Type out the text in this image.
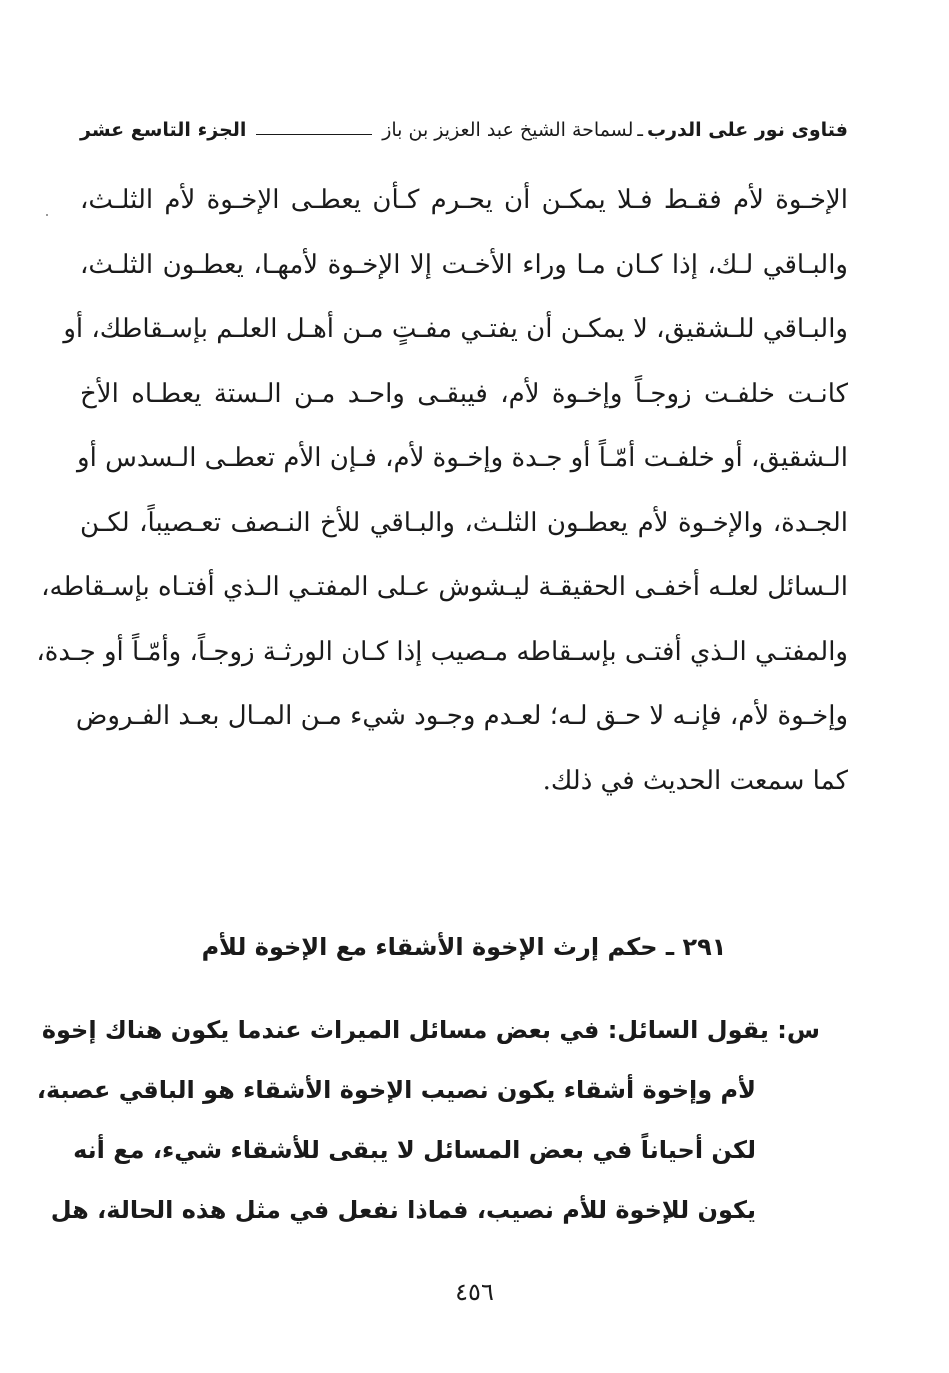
فتاوى نور على الدرب
ـ
لسماحة الشيخ عبد العزيز بن باز
الجزء التاسع عشر
الإخـوة لأم فقـط فـلا يمكـن أن يحـرم كـأن يعطـى الإخـوة لأم الثلـث،
والبـاقي لـك، إذا كـان مـا وراء الأخـت إلا الإخـوة لأمهـا، يعطـون الثلـث،
والبـاقي للـشقيق، لا يمكـن أن يفتـي مفـتٍ مـن أهـل العلـم بإسـقاطك، أو
كانـت خلفـت زوجـاً وإخـوة لأم، فيبقـى واحـد مـن الـستة يعطـاه الأخ
الـشقيق، أو خلفـت أمّـاً أو جـدة وإخـوة لأم، فـإن الأم تعطـى الـسدس أو
الجـدة، والإخـوة لأم يعطـون الثلـث، والبـاقي للأخ النـصف تعـصيباً، لكـن
الـسائل لعلـه أخفـى الحقيقـة ليـشوش عـلى المفتـي الـذي أفتـاه بإسـقاطه،
والمفتـي الـذي أفتـى بإسـقاطه مـصيب إذا كـان الورثـة زوجـاً، وأمّـاً أو جـدة،
وإخـوة لأم، فإنـه لا حـق لـه؛ لعـدم وجـود شيء مـن المـال بعـد الفـروض
كما سمعت الحديث في ذلك.
٢٩١ ـ حكم إرث الإخوة الأشقاء مع الإخوة للأم
س: يقول السائل: في بعض مسائل الميراث عندما يكون هناك إخوة
لأم وإخوة أشقاء يكون نصيب الإخوة الأشقاء هو الباقي عصبة،
لكن أحياناً في بعض المسائل لا يبقى للأشقاء شيء، مع أنه
يكون للإخوة للأم نصيب، فماذا نفعل في مثل هذه الحالة، هل
٤٥٦
